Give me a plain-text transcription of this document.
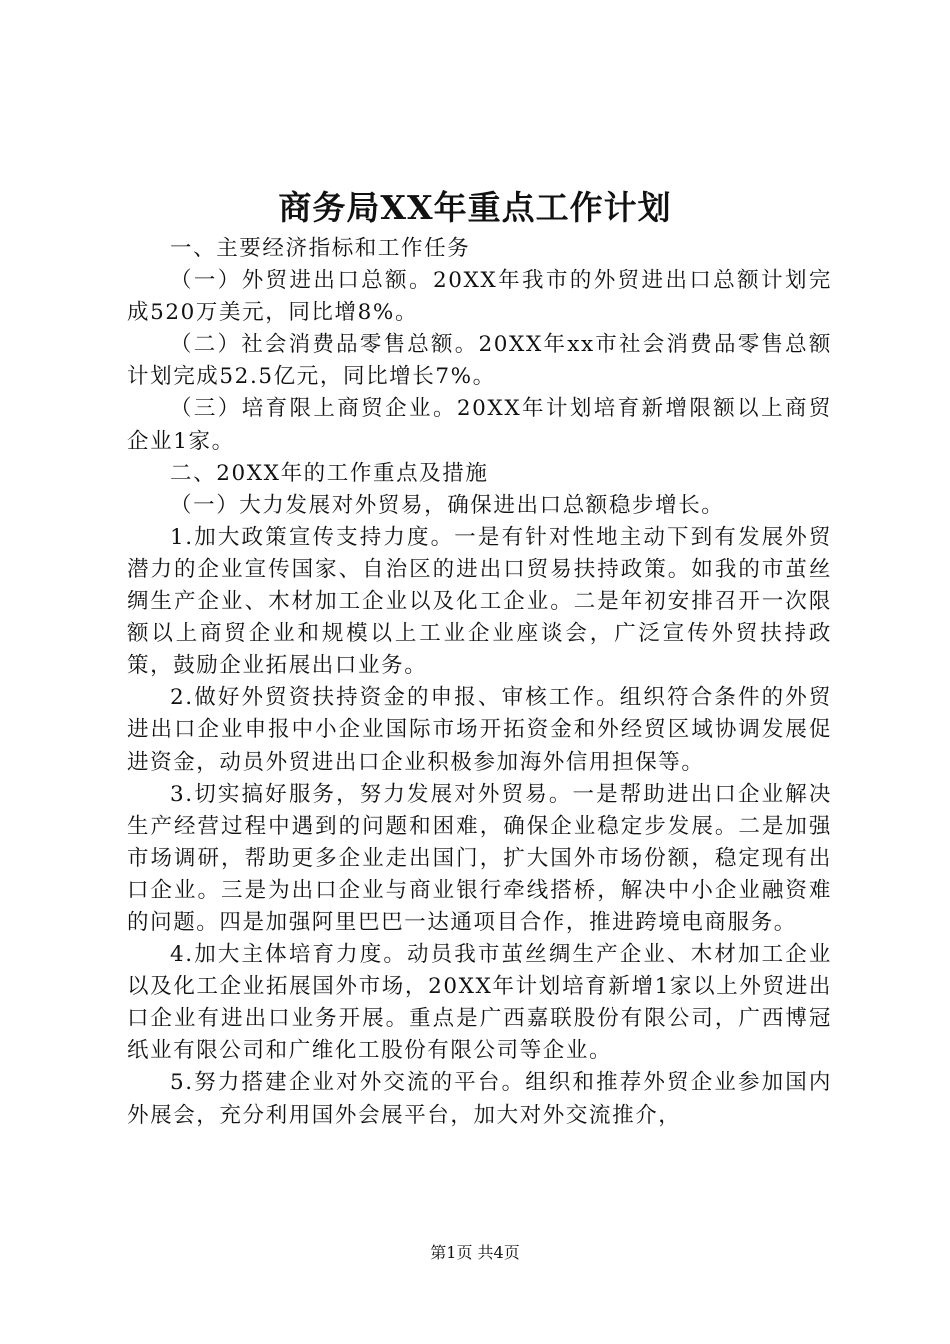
商务局XX年重点工作计划

一、主要经济指标和工作任务

（一）外贸进出口总额。20XX年我市的外贸进出口总额计划完成520万美元，同比增8%。

（二）社会消费品零售总额。20XX年xx市社会消费品零售总额计划完成52.5亿元，同比增长7%。

（三）培育限上商贸企业。20XX年计划培育新增限额以上商贸企业1家。

二、20XX年的工作重点及措施

（一）大力发展对外贸易，确保进出口总额稳步增长。

1.加大政策宣传支持力度。一是有针对性地主动下到有发展外贸潜力的企业宣传国家、自治区的进出口贸易扶持政策。如我的市茧丝绸生产企业、木材加工企业以及化工企业。二是年初安排召开一次限额以上商贸企业和规模以上工业企业座谈会，广泛宣传外贸扶持政策，鼓励企业拓展出口业务。

2.做好外贸资扶持资金的申报、审核工作。组织符合条件的外贸进出口企业申报中小企业国际市场开拓资金和外经贸区域协调发展促进资金，动员外贸进出口企业积极参加海外信用担保等。

3.切实搞好服务，努力发展对外贸易。一是帮助进出口企业解决生产经营过程中遇到的问题和困难，确保企业稳定步发展。二是加强市场调研，帮助更多企业走出国门，扩大国外市场份额，稳定现有出口企业。三是为出口企业与商业银行牵线搭桥，解决中小企业融资难的问题。四是加强阿里巴巴一达通项目合作，推进跨境电商服务。

4.加大主体培育力度。动员我市茧丝绸生产企业、木材加工企业以及化工企业拓展国外市场，20XX年计划培育新增1家以上外贸进出口企业有进出口业务开展。重点是广西嘉联股份有限公司，广西博冠纸业有限公司和广维化工股份有限公司等企业。

5.努力搭建企业对外交流的平台。组织和推荐外贸企业参加国内外展会，充分利用国外会展平台，加大对外交流推介，

第1页 共4页
